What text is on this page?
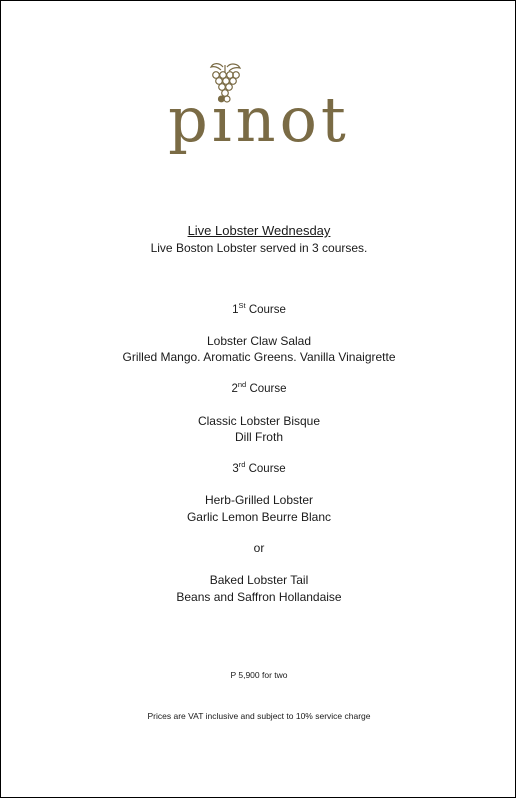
pinot
Live Lobster Wednesday
Live Boston Lobster served in 3 courses.
1St Course
Lobster Claw Salad
Grilled Mango. Aromatic Greens. Vanilla Vinaigrette
2nd Course
Classic Lobster Bisque
Dill Froth
3rd Course
Herb-Grilled Lobster
Garlic Lemon Beurre Blanc
or
Baked Lobster Tail
Beans and Saffron Hollandaise
P 5,900 for two
Prices are VAT inclusive and subject to 10% service charge
